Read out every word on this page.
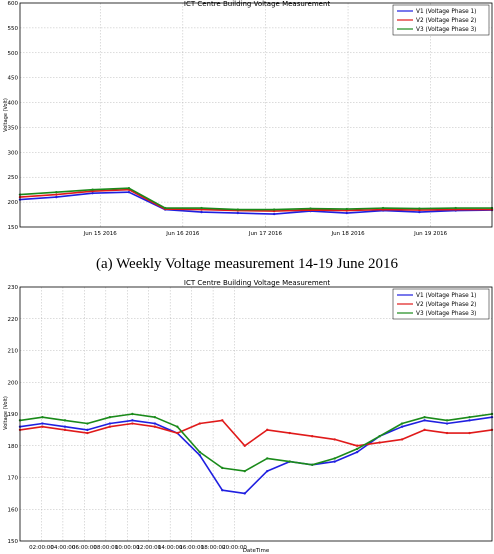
ICT Centre Building Voltage Measurement
150
200
250
300
350
400
450
500
550
600
Jun 15 2016	Jun 16 2016	Jun 17 2016	Jun 18 2016	Jun 19 2016
Voltage (Volt)
V1 (Voltage Phase 1)
V2 (Voltage Phase 2)
V3 (Voltage Phase 3)
ICT Centre Building Voltage Measurement
150
160
170
180
190
200
210
220
230
02:00:00
04:00:00
06:00:00
08:00:00
10:00:00
12:00:00
14:00:00
16:00:00
18:00:00
20:00:00
DateTime
Voltage (Volt)
V1 (Voltage Phase 1)
V2 (Voltage Phase 2)
V3 (Voltage Phase 3)
(a) Weekly Voltage measurement 14-19 June 2016
